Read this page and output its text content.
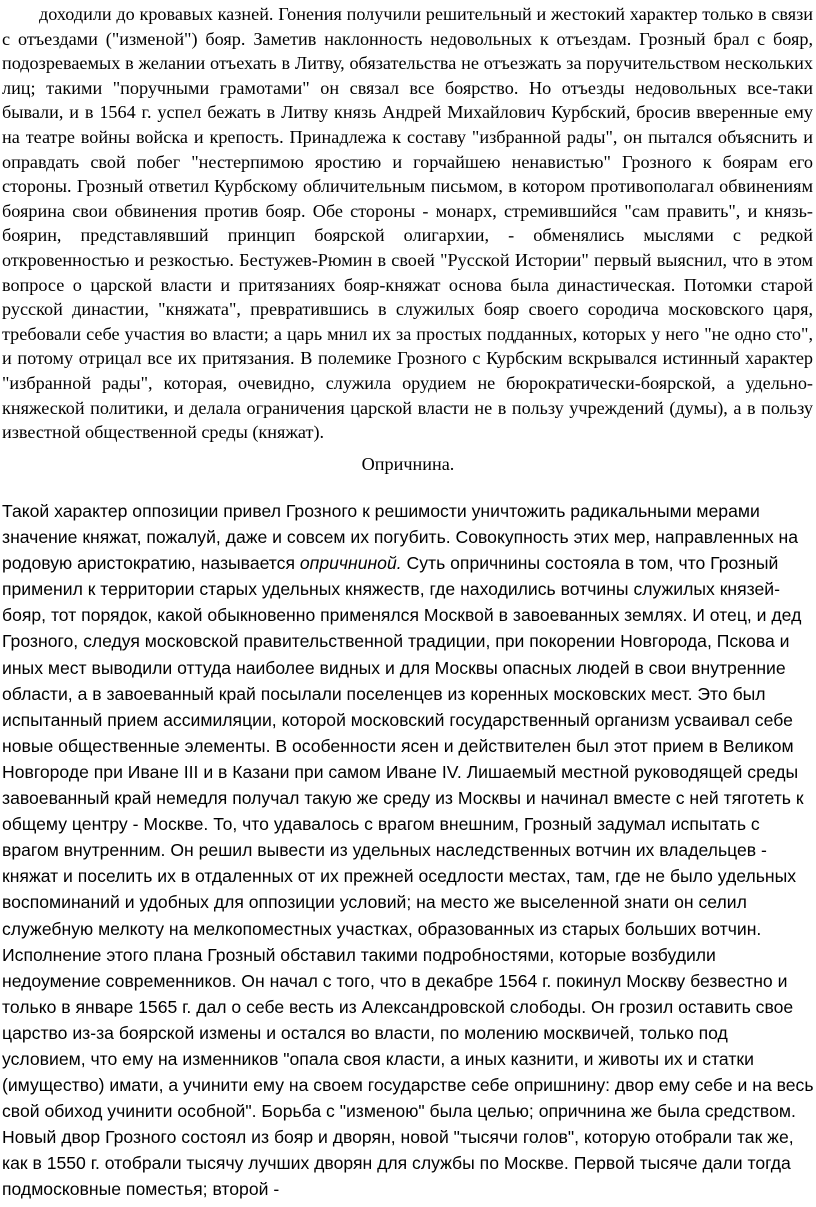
доходили до кровавых казней. Гонения получили решительный и жестокий характер только в связи с отъездами ("изменой") бояр. Заметив наклонность недовольных к отъездам. Грозный брал с бояр, подозреваемых в желании отъехать в Литву, обязательства не отъезжать за поручительством нескольких лиц; такими "поручными грамотами" он связал все боярство. Но отъезды недовольных все-таки бывали, и в 1564 г. успел бежать в Литву князь Андрей Михайлович Курбский, бросив вверенные ему на театре войны войска и крепость. Принадлежа к составу "избранной рады", он пытался объяснить и оправдать свой побег "нестерпимою яростию и горчайшею ненавистью" Грозного к боярам его стороны. Грозный ответил Курбскому обличительным письмом, в котором противополагал обвинениям боярина свои обвинения против бояр. Обе стороны - монарх, стремившийся "сам править", и князь-боярин, представлявший принцип боярской олигархии, - обменялись мыслями с редкой откровенностью и резкостью. Бестужев-Рюмин в своей "Русской Истории" первый выяснил, что в этом вопросе о царской власти и притязаниях бояр-княжат основа была династическая. Потомки старой русской династии, "княжата", превратившись в служилых бояр своего сородича московского царя, требовали себе участия во власти; а царь мнил их за простых подданных, которых у него "не одно сто", и потому отрицал все их притязания. В полемике Грозного с Курбским вскрывался истинный характер "избранной рады", которая, очевидно, служила орудием не бюрократически-боярской, а удельно-княжеской политики, и делала ограничения царской власти не в пользу учреждений (думы), а в пользу известной общественной среды (княжат).

Опричнина.

Такой характер оппозиции привел Грозного к решимости уничтожить радикальными мерами значение княжат, пожалуй, даже и совсем их погубить. Совокупность этих мер, направленных на родовую аристократию, называется опричниной. Суть опричнины состояла в том, что Грозный применил к территории старых удельных княжеств, где находились вотчины служилых князей-бояр, тот порядок, какой обыкновенно применялся Москвой в завоеванных землях. И отец, и дед Грозного, следуя московской правительственной традиции, при покорении Новгорода, Пскова и иных мест выводили оттуда наиболее видных и для Москвы опасных людей в свои внутренние области, а в завоеванный край посылали поселенцев из коренных московских мест. Это был испытанный прием ассимиляции, которой московский государственный организм усваивал себе новые общественные элементы. В особенности ясен и действителен был этот прием в Великом Новгороде при Иване III и в Казани при самом Иване IV. Лишаемый местной руководящей среды завоеванный край немедля получал такую же среду из Москвы и начинал вместе с ней тяготеть к общему центру - Москве. То, что удавалось с врагом внешним, Грозный задумал испытать с врагом внутренним. Он решил вывести из удельных наследственных вотчин их владельцев - княжат и поселить их в отдаленных от их прежней оседлости местах, там, где не было удельных воспоминаний и удобных для оппозиции условий; на место же выселенной знати он селил служебную мелкоту на мелкопоместных участках, образованных из старых больших вотчин. Исполнение этого плана Грозный обставил такими подробностями, которые возбудили недоумение современников. Он начал с того, что в декабре 1564 г. покинул Москву безвестно и только в январе 1565 г. дал о себе весть из Александровской слободы. Он грозил оставить свое царство из-за боярской измены и остался во власти, по молению москвичей, только под условием, что ему на изменников "опала своя класти, а иных казнити, и животы их и статки (имущество) имати, а учинити ему на своем государстве себе опришнину: двор ему себе и на весь свой обиход учинити особной". Борьба с "изменою" была целью; опричнина же была средством. Новый двор Грозного состоял из бояр и дворян, новой "тысячи голов", которую отобрали так же, как в 1550 г. отобрали тысячу лучших дворян для службы по Москве. Первой тысяче дали тогда подмосковные поместья; второй -
